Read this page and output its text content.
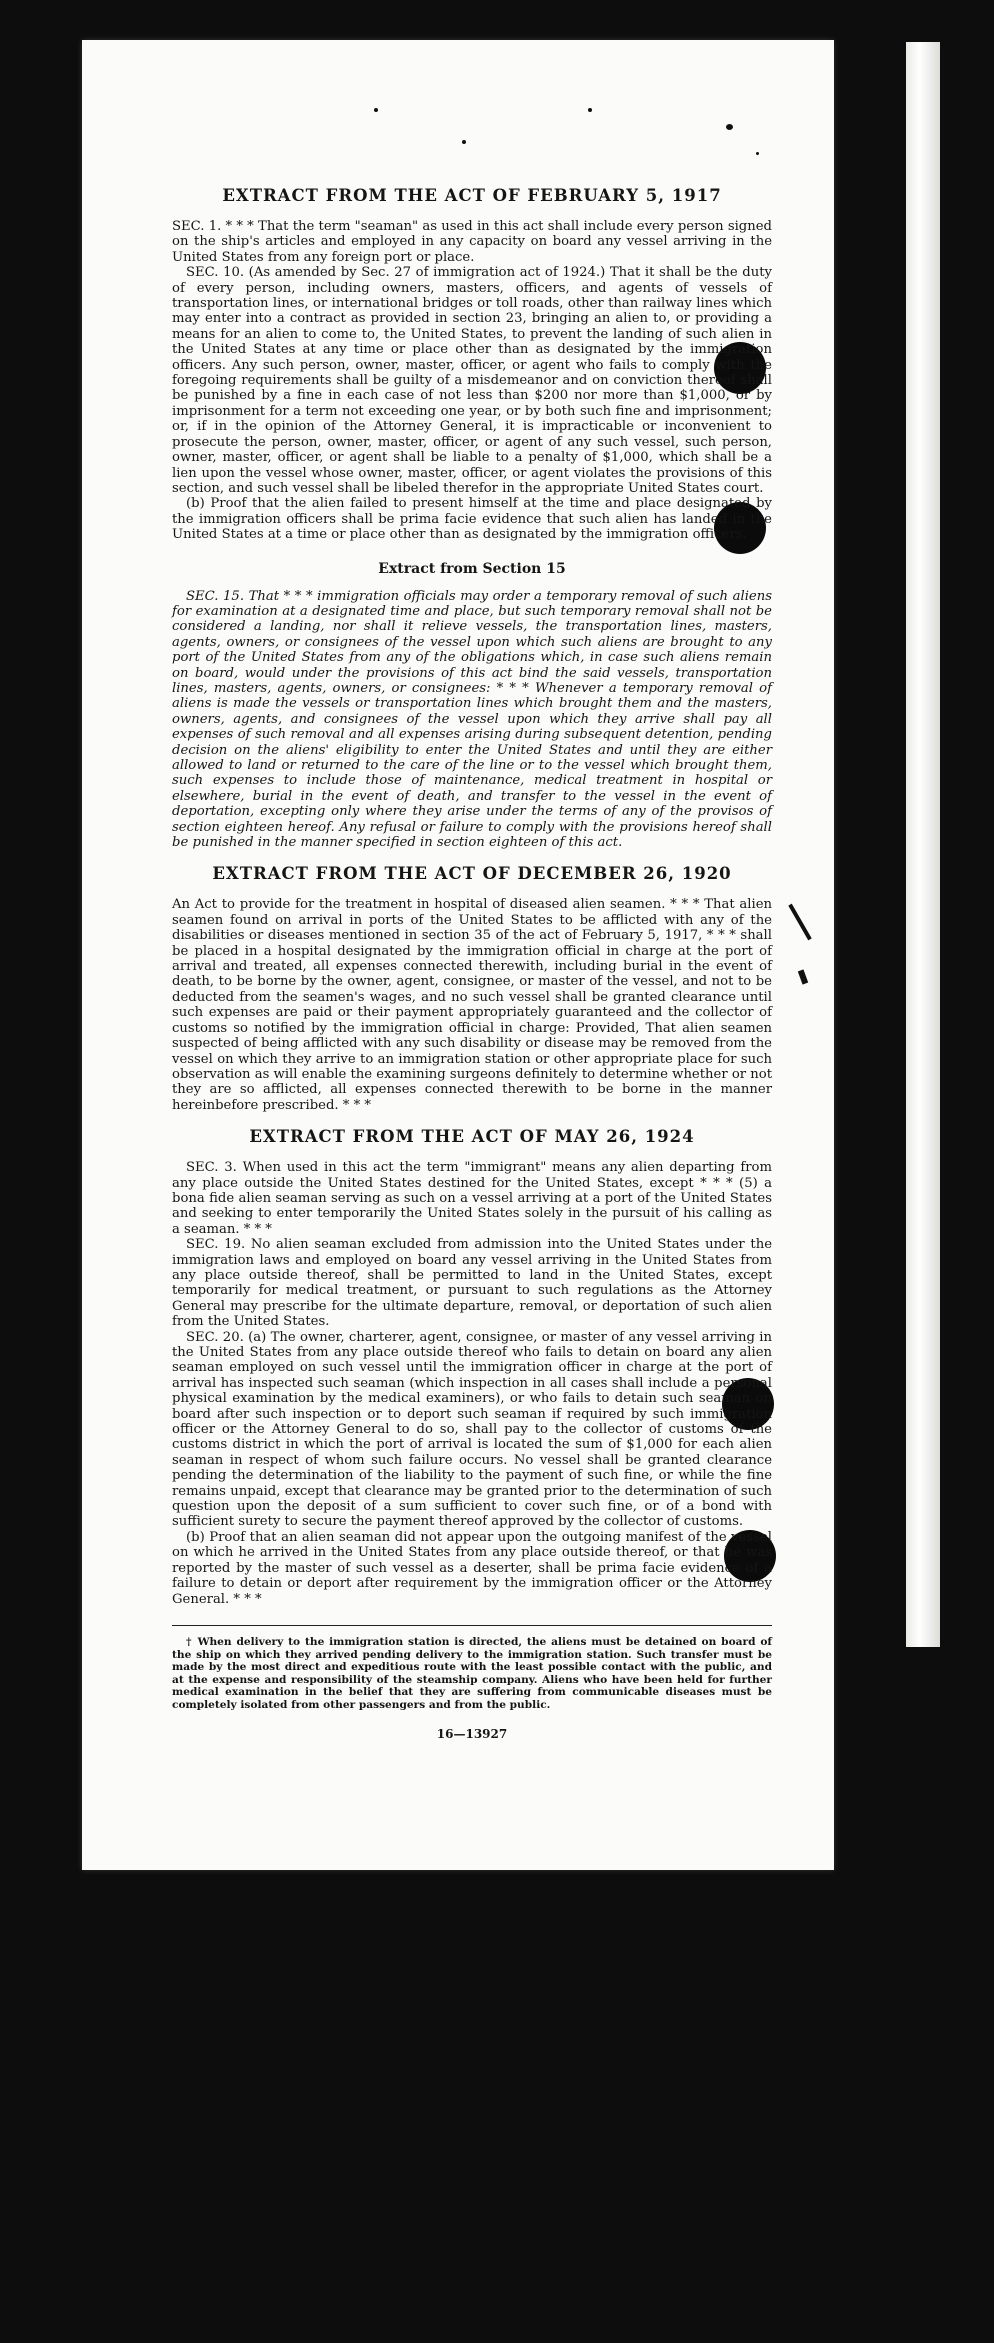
EXTRACT FROM THE ACT OF FEBRUARY 5, 1917

SEC. 1. * * * That the term "seaman" as used in this act shall include every person signed on the ship's articles and employed in any capacity on board any vessel arriving in the United States from any foreign port or place.

SEC. 10. (As amended by Sec. 27 of immigration act of 1924.) That it shall be the duty of every person, including owners, masters, officers, and agents of vessels of transportation lines, or international bridges or toll roads, other than railway lines which may enter into a contract as provided in section 23, bringing an alien to, or providing a means for an alien to come to, the United States, to prevent the landing of such alien in the United States at any time or place other than as designated by the immigration officers. Any such person, owner, master, officer, or agent who fails to comply with the foregoing requirements shall be guilty of a misdemeanor and on conviction thereof shall be punished by a fine in each case of not less than $200 nor more than $1,000, or by imprisonment for a term not exceeding one year, or by both such fine and imprisonment; or, if in the opinion of the Attorney General, it is impracticable or inconvenient to prosecute the person, owner, master, officer, or agent of any such vessel, such person, owner, master, officer, or agent shall be liable to a penalty of $1,000, which shall be a lien upon the vessel whose owner, master, officer, or agent violates the provisions of this section, and such vessel shall be libeled therefor in the appropriate United States court.

(b) Proof that the alien failed to present himself at the time and place designated by the immigration officers shall be prima facie evidence that such alien has landed in the United States at a time or place other than as designated by the immigration officers.

Extract from Section 15

SEC. 15. That * * * immigration officials may order a temporary removal of such aliens for examination at a designated time and place, but such temporary removal shall not be considered a landing, nor shall it relieve vessels, the transportation lines, masters, agents, owners, or consignees of the vessel upon which such aliens are brought to any port of the United States from any of the obligations which, in case such aliens remain on board, would under the provisions of this act bind the said vessels, transportation lines, masters, agents, owners, or consignees: * * * Whenever a temporary removal of aliens is made the vessels or transportation lines which brought them and the masters, owners, agents, and consignees of the vessel upon which they arrive shall pay all expenses of such removal and all expenses arising during subsequent detention, pending decision on the aliens' eligibility to enter the United States and until they are either allowed to land or returned to the care of the line or to the vessel which brought them, such expenses to include those of maintenance, medical treatment in hospital or elsewhere, burial in the event of death, and transfer to the vessel in the event of deportation, excepting only where they arise under the terms of any of the provisos of section eighteen hereof. Any refusal or failure to comply with the provisions hereof shall be punished in the manner specified in section eighteen of this act.

EXTRACT FROM THE ACT OF DECEMBER 26, 1920

An Act to provide for the treatment in hospital of diseased alien seamen. * * * That alien seamen found on arrival in ports of the United States to be afflicted with any of the disabilities or diseases mentioned in section 35 of the act of February 5, 1917, * * * shall be placed in a hospital designated by the immigration official in charge at the port of arrival and treated, all expenses connected therewith, including burial in the event of death, to be borne by the owner, agent, consignee, or master of the vessel, and not to be deducted from the seamen's wages, and no such vessel shall be granted clearance until such expenses are paid or their payment appropriately guaranteed and the collector of customs so notified by the immigration official in charge: Provided, That alien seamen suspected of being afflicted with any such disability or disease may be removed from the vessel on which they arrive to an immigration station or other appropriate place for such observation as will enable the examining surgeons definitely to determine whether or not they are so afflicted, all expenses connected therewith to be borne in the manner hereinbefore prescribed. * * *

EXTRACT FROM THE ACT OF MAY 26, 1924

SEC. 3. When used in this act the term "immigrant" means any alien departing from any place outside the United States destined for the United States, except * * * (5) a bona fide alien seaman serving as such on a vessel arriving at a port of the United States and seeking to enter temporarily the United States solely in the pursuit of his calling as a seaman. * * *

SEC. 19. No alien seaman excluded from admission into the United States under the immigration laws and employed on board any vessel arriving in the United States from any place outside thereof, shall be permitted to land in the United States, except temporarily for medical treatment, or pursuant to such regulations as the Attorney General may prescribe for the ultimate departure, removal, or deportation of such alien from the United States.

SEC. 20. (a) The owner, charterer, agent, consignee, or master of any vessel arriving in the United States from any place outside thereof who fails to detain on board any alien seaman employed on such vessel until the immigration officer in charge at the port of arrival has inspected such seaman (which inspection in all cases shall include a personal physical examination by the medical examiners), or who fails to detain such seaman on board after such inspection or to deport such seaman if required by such immigration officer or the Attorney General to do so, shall pay to the collector of customs of the customs district in which the port of arrival is located the sum of $1,000 for each alien seaman in respect of whom such failure occurs. No vessel shall be granted clearance pending the determination of the liability to the payment of such fine, or while the fine remains unpaid, except that clearance may be granted prior to the determination of such question upon the deposit of a sum sufficient to cover such fine, or of a bond with sufficient surety to secure the payment thereof approved by the collector of customs.

(b) Proof that an alien seaman did not appear upon the outgoing manifest of the vessel on which he arrived in the United States from any place outside thereof, or that he was reported by the master of such vessel as a deserter, shall be prima facie evidence of a failure to detain or deport after requirement by the immigration officer or the Attorney General. * * *

† When delivery to the immigration station is directed, the aliens must be detained on board of the ship on which they arrived pending delivery to the immigration station. Such transfer must be made by the most direct and expeditious route with the least possible contact with the public, and at the expense and responsibility of the steamship company. Aliens who have been held for further medical examination in the belief that they are suffering from communicable diseases must be completely isolated from other passengers and from the public.

16—13927
